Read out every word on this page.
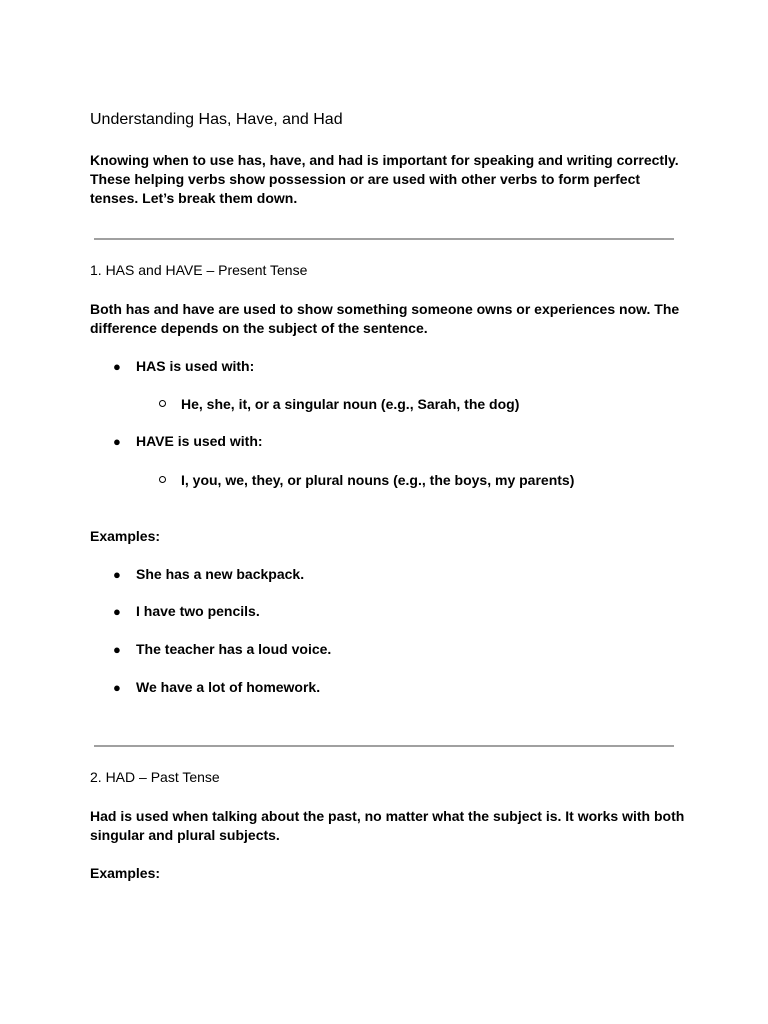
Understanding Has, Have, and Had

Knowing when to use has, have, and had is important for speaking and writing correctly.

These helping verbs show possession or are used with other verbs to form perfect

tenses. Let’s break them down.

1. HAS and HAVE – Present Tense

Both has and have are used to show something someone owns or experiences now. The

difference depends on the subject of the sentence.

● HAS is used with:

He, she, it, or a singular noun (e.g., Sarah, the dog)

● HAVE is used with:

I, you, we, they, or plural nouns (e.g., the boys, my parents)

Examples:

● She has a new backpack.

● I have two pencils.

● The teacher has a loud voice.

● We have a lot of homework.

2. HAD – Past Tense

Had is used when talking about the past, no matter what the subject is. It works with both

singular and plural subjects.

Examples:
